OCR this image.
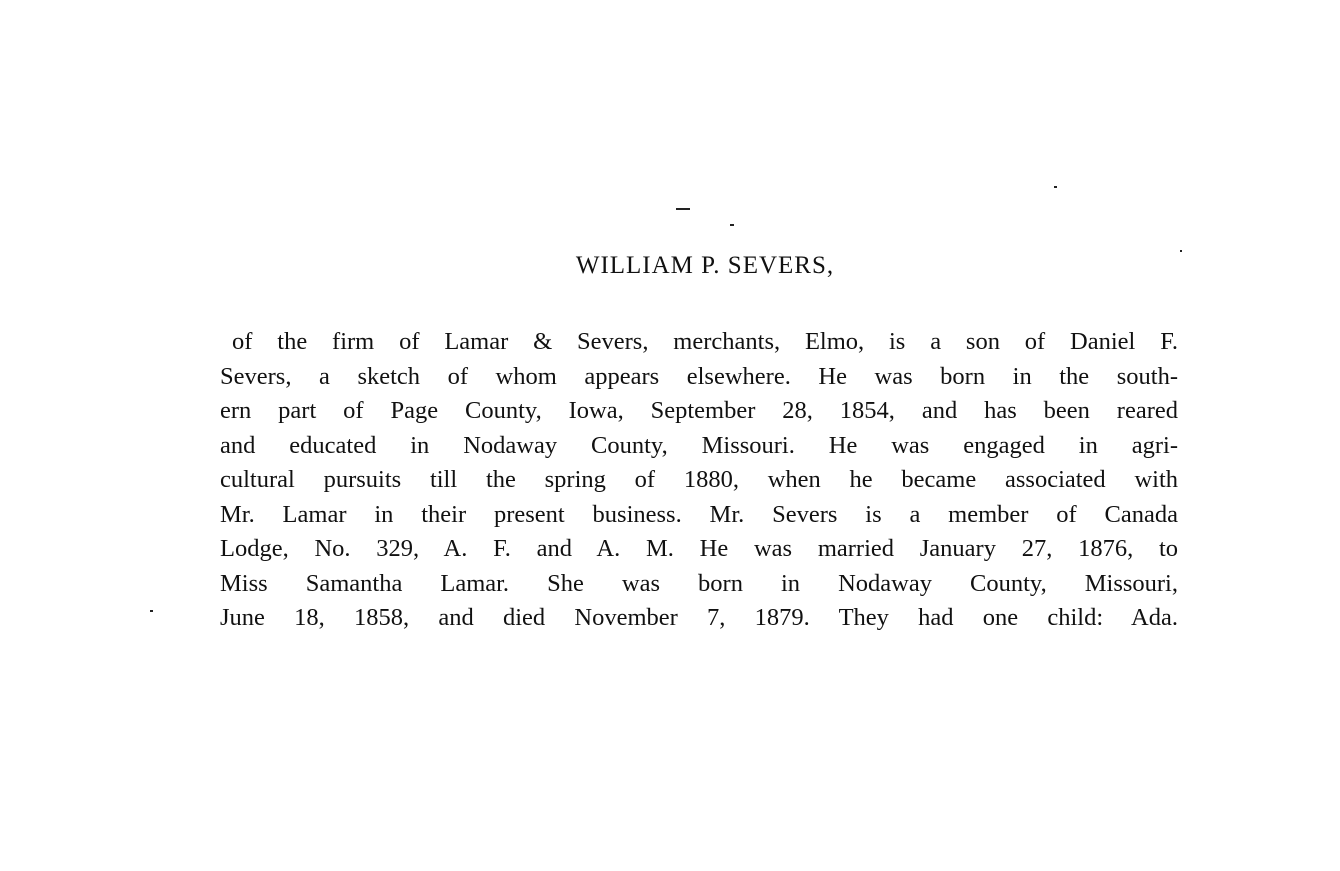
WILLIAM P. SEVERS,
of the firm of Lamar & Severs, merchants, Elmo, is a son of Daniel F.
Severs, a sketch of whom appears elsewhere. He was born in the south-
ern part of Page County, Iowa, September 28, 1854, and has been reared
and educated in Nodaway County, Missouri. He was engaged in agri-
cultural pursuits till the spring of 1880, when he became associated with
Mr. Lamar in their present business. Mr. Severs is a member of Canada
Lodge, No. 329, A. F. and A. M. He was married January 27, 1876, to
Miss Samantha Lamar. She was born in Nodaway County, Missouri,
June 18, 1858, and died November 7, 1879. They had one child: Ada.
